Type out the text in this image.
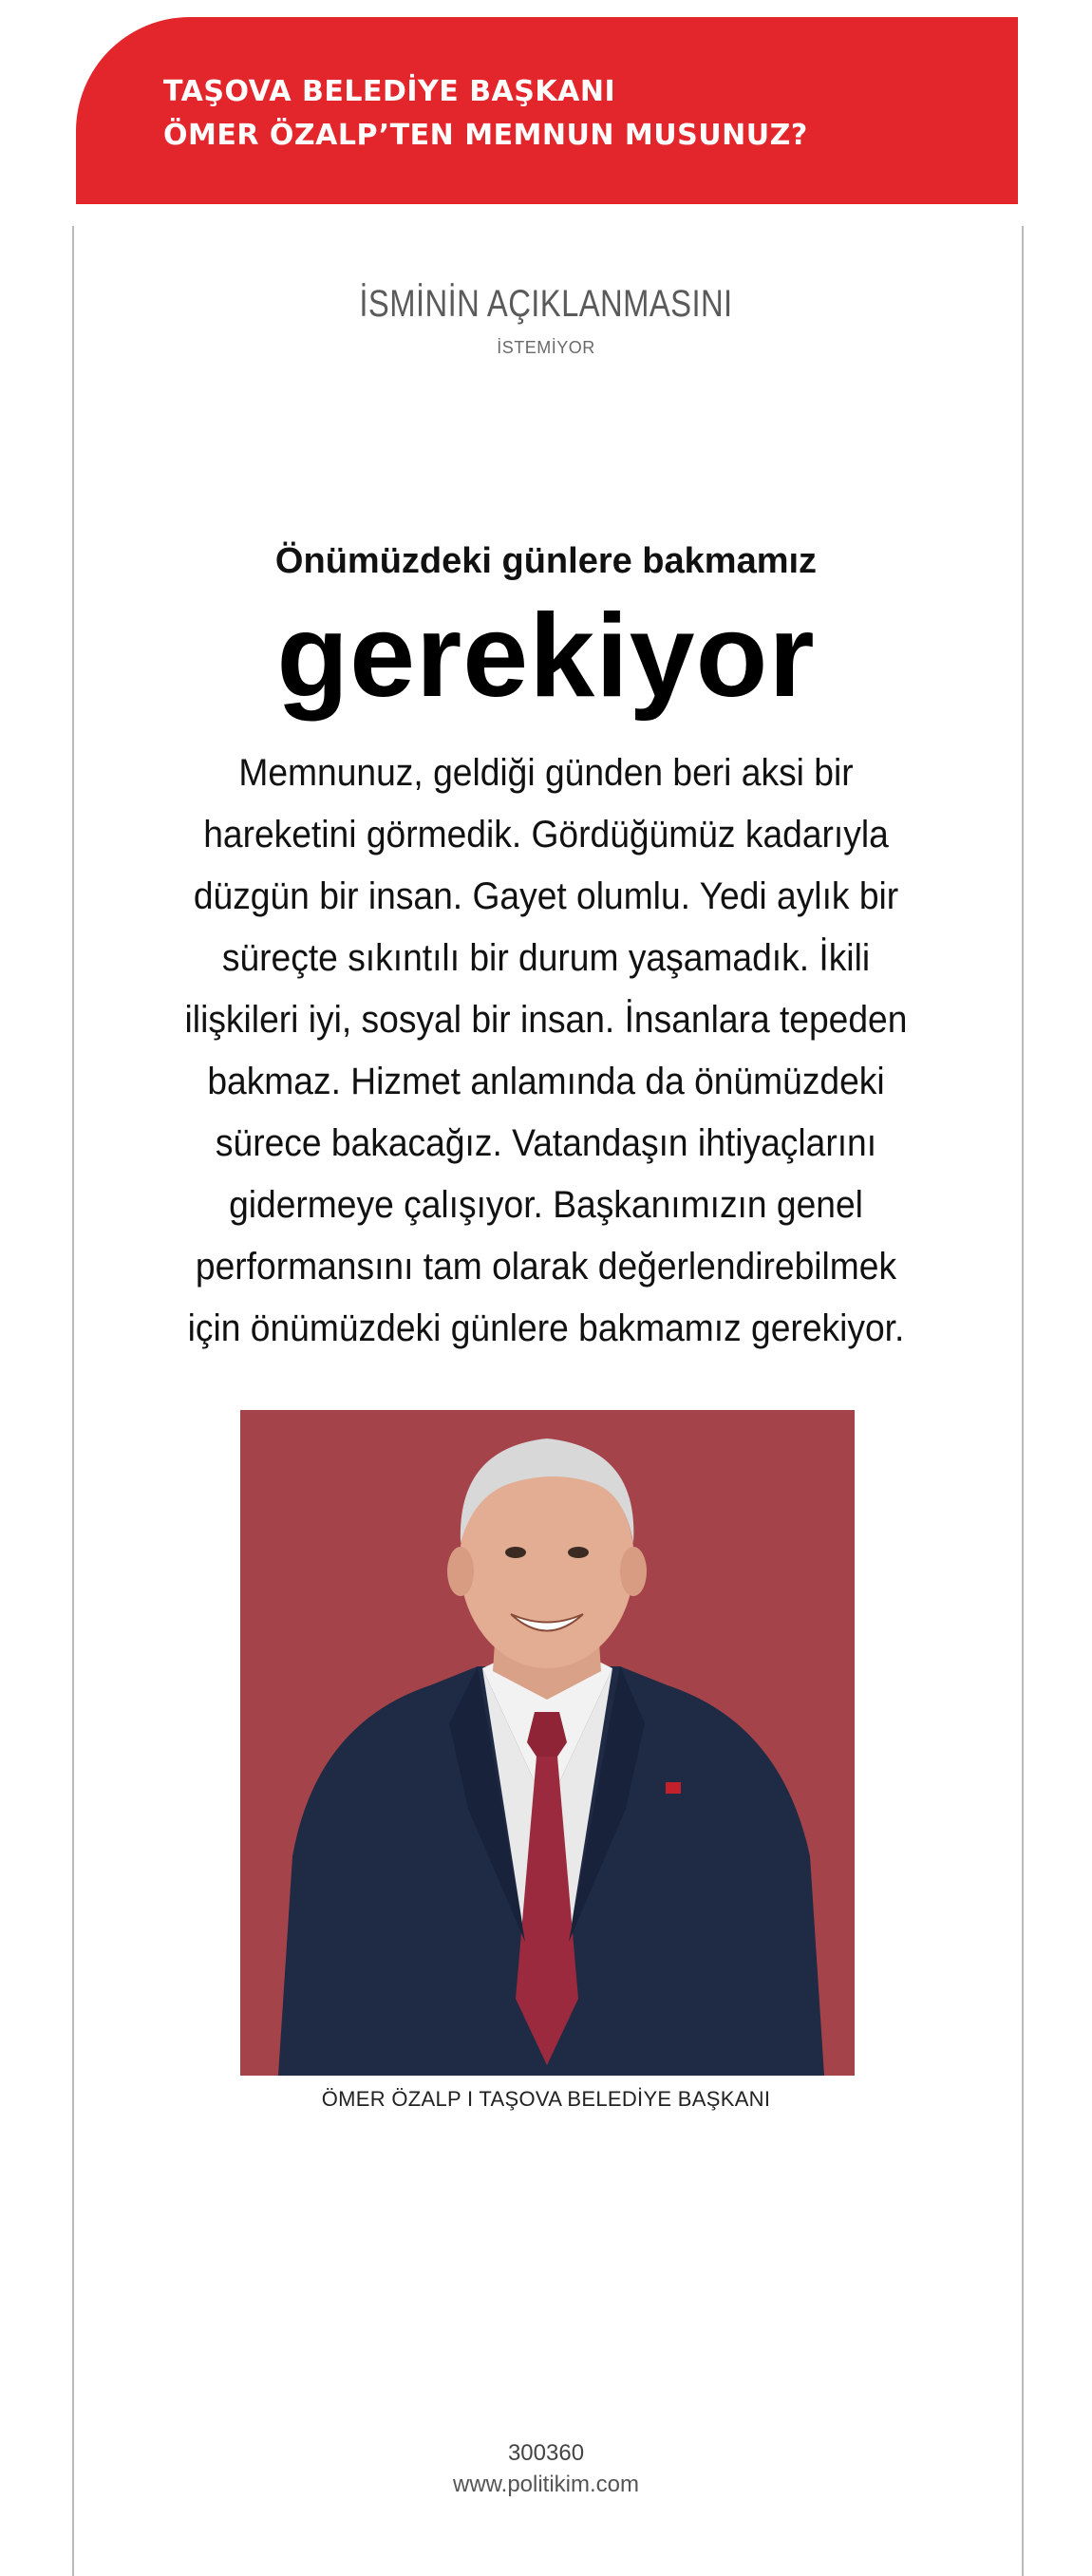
TAŞOVA BELEDİYE BAŞKANI
ÖMER ÖZALP’TEN MEMNUN MUSUNUZ?
İSMİNİN AÇIKLANMASINI
İSTEMİYOR
Önümüzdeki günlere bakmamız
gerekiyor
Memnunuz, geldiği günden beri aksi bir hareketini görmedik. Gördüğümüz kadarıyla düzgün bir insan. Gayet olumlu. Yedi aylık bir süreçte sıkıntılı bir durum yaşamadık. İkili ilişkileri iyi, sosyal bir insan. İnsanlara tepeden bakmaz. Hizmet anlamında da önümüzdeki sürece bakacağız. Vatandaşın ihtiyaçlarını gidermeye çalışıyor. Başkanımızın genel performansını tam olarak değerlendirebilmek için önümüzdeki günlere bakmamız gerekiyor.
ÖMER ÖZALP I TAŞOVA BELEDİYE BAŞKANI
300360
www.politikim.com
